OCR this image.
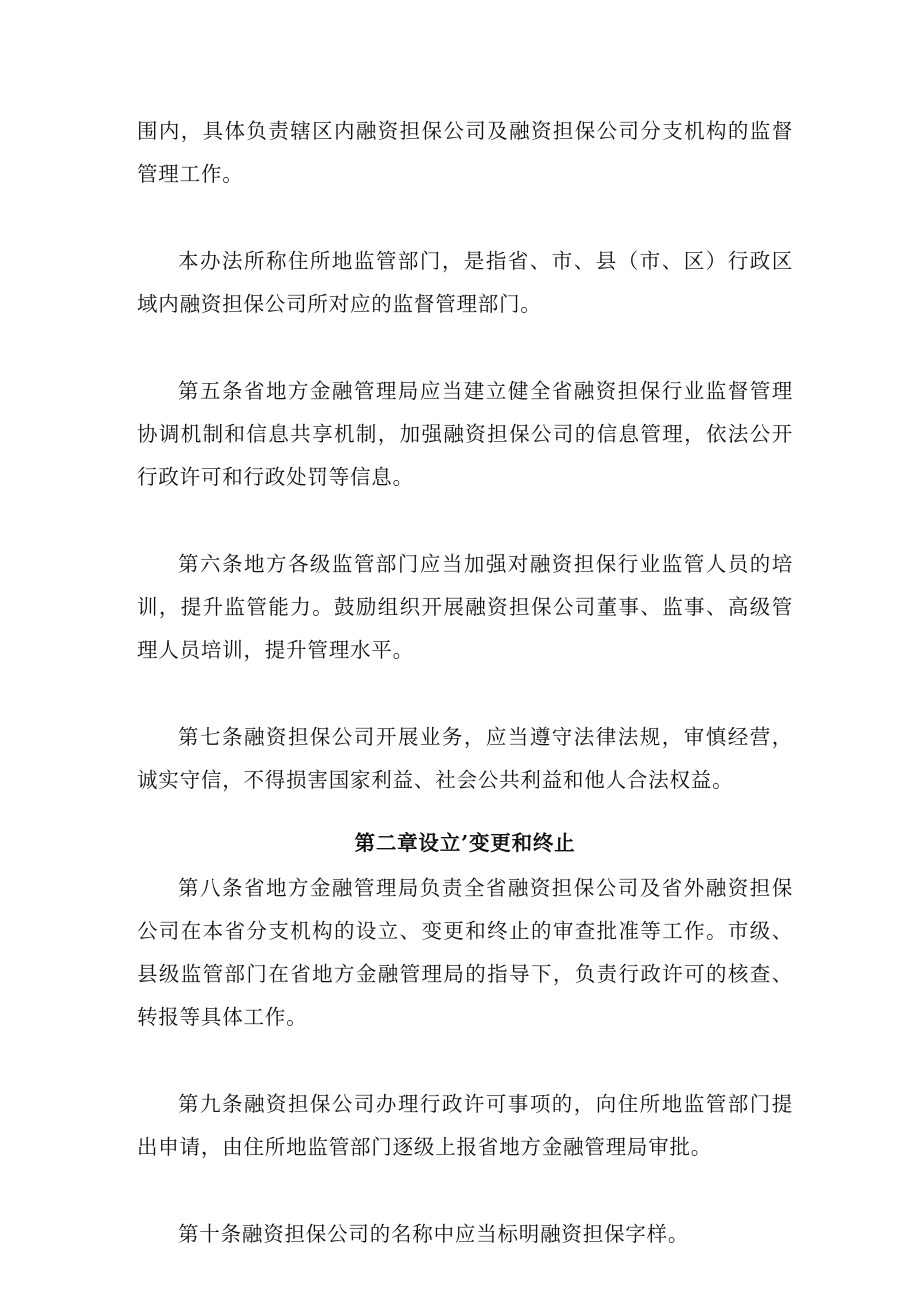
围内，具体负责辖区内融资担保公司及融资担保公司分支机构的监督管理工作。

本办法所称住所地监管部门，是指省、市、县（市、区）行政区域内融资担保公司所对应的监督管理部门。

第五条省地方金融管理局应当建立健全省融资担保行业监督管理协调机制和信息共享机制，加强融资担保公司的信息管理，依法公开行政许可和行政处罚等信息。

第六条地方各级监管部门应当加强对融资担保行业监管人员的培训，提升监管能力。鼓励组织开展融资担保公司董事、监事、高级管理人员培训，提升管理水平。

第七条融资担保公司开展业务，应当遵守法律法规，审慎经营，诚实守信，不得损害国家利益、社会公共利益和他人合法权益。

第二章设立’变更和终止

第八条省地方金融管理局负责全省融资担保公司及省外融资担保公司在本省分支机构的设立、变更和终止的审查批准等工作。市级、县级监管部门在省地方金融管理局的指导下，负责行政许可的核查、转报等具体工作。

第九条融资担保公司办理行政许可事项的，向住所地监管部门提出申请，由住所地监管部门逐级上报省地方金融管理局审批。

第十条融资担保公司的名称中应当标明融资担保字样。
